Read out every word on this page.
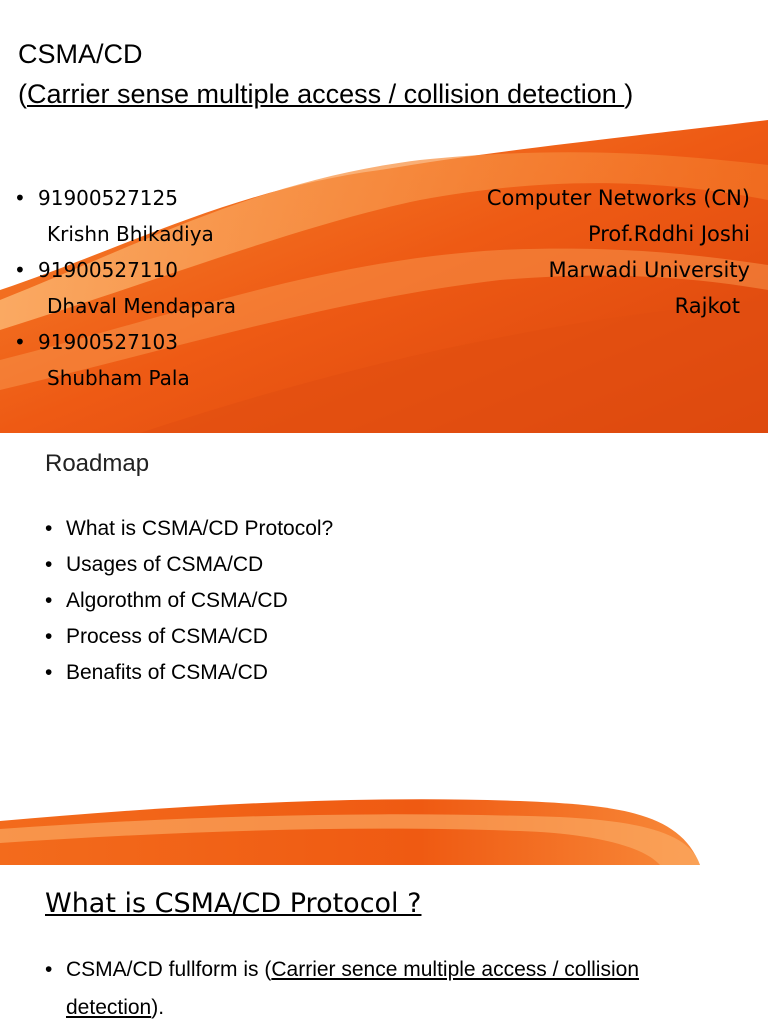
CSMA/CD
(Carrier sense multiple access / collision detection )
• 91900527125
Krishn Bhikadiya
• 91900527110
Dhaval Mendapara
• 91900527103
Shubham Pala
Computer Networks (CN)
Prof.Rddhi Joshi
Marwadi University
Rajkot
Roadmap
• What is CSMA/CD Protocol?
• Usages of CSMA/CD
• Algorothm of CSMA/CD
• Process of CSMA/CD
• Benafits of CSMA/CD
What is CSMA/CD Protocol ?
• CSMA/CD fullform is (Carrier sence multiple access / collision detection).
